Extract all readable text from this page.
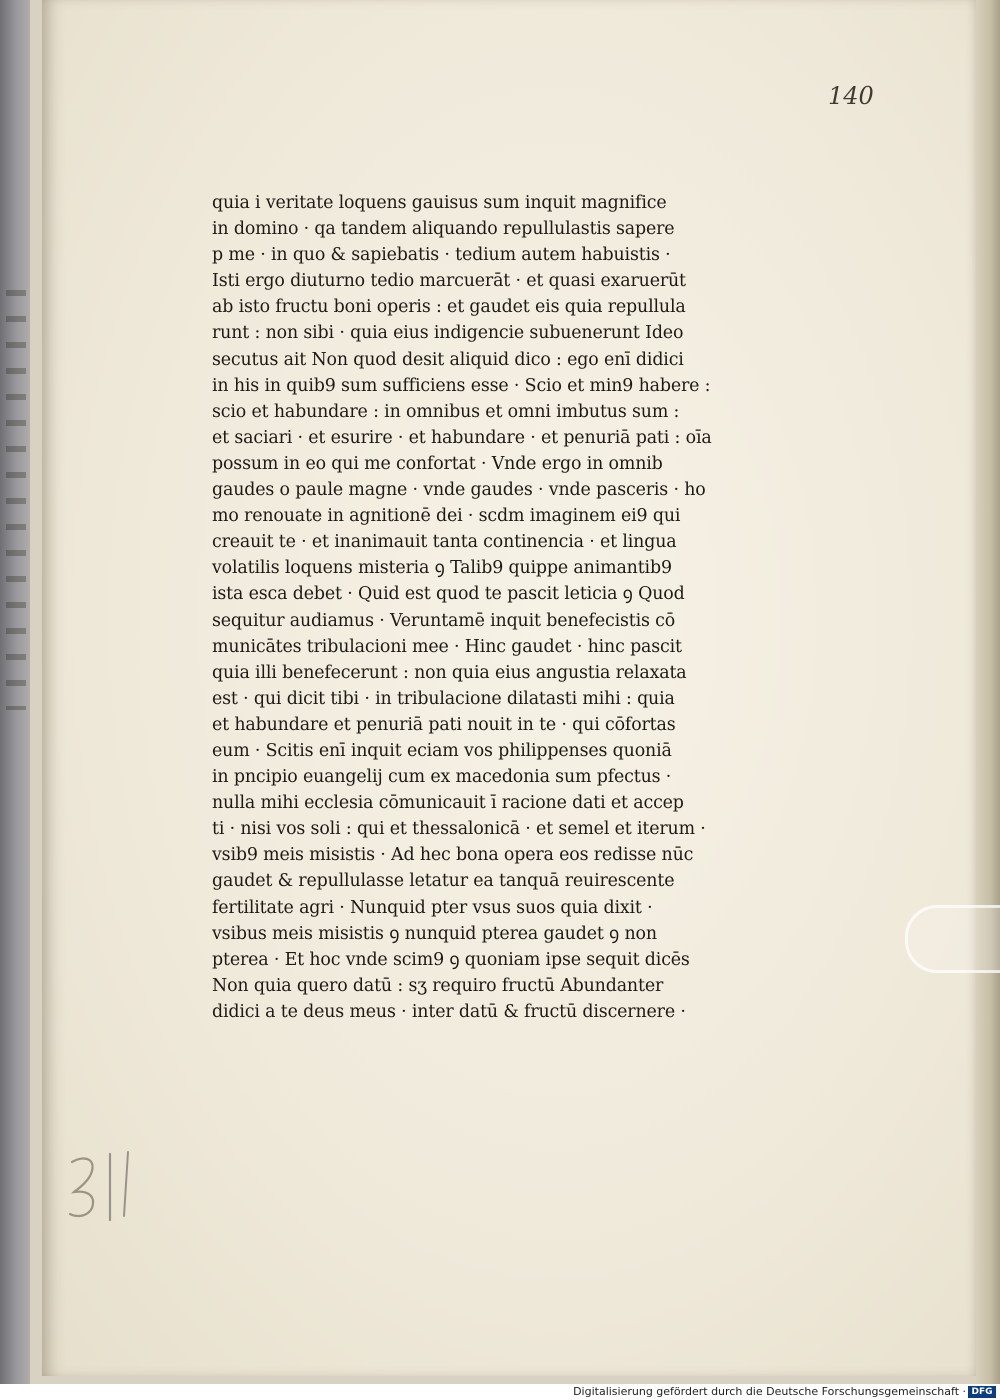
140

quia i veritate loquens gauisus sum inquit magnifice
in domino · qa tandem aliquando repullulastis sapere
p me · in quo & sapiebatis · tedium autem habuistis ·
Isti ergo diuturno tedio marcuerāt · et quasi exaruerūt
ab isto fructu boni operis : et gaudet eis quia repullula
runt : non sibi · quia eius indigencie subuenerunt Ideo
secutus ait Non quod desit aliquid dico : ego enī didici
in his in quib9 sum sufficiens esse · Scio et min9 habere :
scio et habundare : in omnibus et omni imbutus sum :
et saciari · et esurire · et habundare · et penuriā pati : oīa
possum in eo qui me confortat · Vnde ergo in omnib
gaudes o paule magne · vnde gaudes · vnde pasceris · ho
mo renouate in agnitionē dei · scdm imaginem ei9 qui
creauit te · et inanimauit tanta continencia · et lingua
volatilis loquens misteria ꝯ Talib9 quippe animantib9
ista esca debet · Quid est quod te pascit leticia ꝯ Quod
sequitur audiamus · Veruntamē inquit benefecistis cō
municātes tribulacioni mee · Hinc gaudet · hinc pascit
quia illi benefecerunt : non quia eius angustia relaxata
est · qui dicit tibi · in tribulacione dilatasti mihi : quia
et habundare et penuriā pati nouit in te · qui cōfortas
eum · Scitis enī inquit eciam vos philippenses quoniā
in pncipio euangelij cum ex macedonia sum pfectus ·
nulla mihi ecclesia cōmunicauit ī racione dati et accep
ti · nisi vos soli : qui et thessalonicā · et semel et iterum ·
vsib9 meis misistis · Ad hec bona opera eos redisse nūc
gaudet & repullulasse letatur ea tanquā reuirescente
fertilitate agri · Nunquid pter vsus suos quia dixit ·
vsibus meis misistis ꝯ nunquid pterea gaudet ꝯ non
pterea · Et hoc vnde scim9 ꝯ quoniam ipse sequit dicēs
Non quia quero datū : sʒ requiro fructū Abundanter
didici a te deus meus · inter datū & fructū discernere ·

Digitalisierung gefördert durch die Deutsche Forschungsgemeinschaft · DFG
